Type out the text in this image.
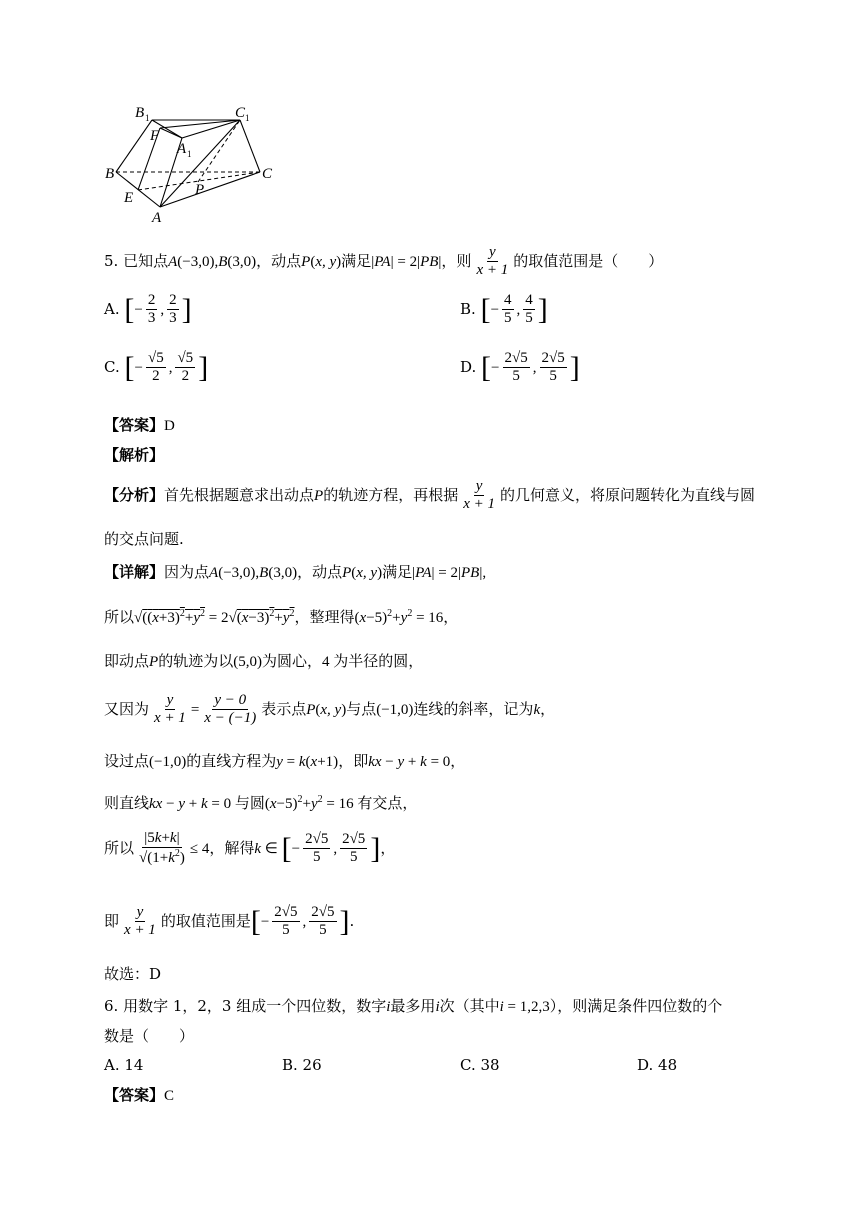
B 1	C 1
F
A 1
B
P
C
E
A
5. 已知点A(−3,0),B(3,0)，动点P(x, y)满足|PA| = 2|PB|，则 $\frac{y}{x + 1}$ 的取值范围是（　　）
A. [− $\frac{2}{3}$ , $\frac{2}{3}$ ]	B. [− $\frac{4}{5}$ , $\frac{4}{5}$ ]
C. [− $\frac{√5}{2}$ , $\frac{√5}{2}$ ]	D. [− $\frac{2√5}{5}$ , $\frac{2√5}{5}$ ]
【答案】D
【解析】
【分析】首先根据题意求出动点P的轨迹方程，再根据 $\frac{y}{x + 1}$ 的几何意义，将原问题转化为直线与圆
的交点问题.
【详解】因为点A(−3,0),B(3,0)，动点P(x, y)满足|PA| = 2|PB|,
所以$√((x+3)^2+y^2 = 2√(x-3)^2+y^2$，整理得$(x-5)^2+y^2 = 16$，
即动点P的轨迹为以(5,0)为圆心，4 为半径的圆，
又因为 $\frac{y}{x + 1} = \frac{y - 0}{x - (-1)}$ 表示点P(x, y)与点(−1,0)连线的斜率，记为k，
设过点(−1,0)的直线方程为y = k(x+1)，即kx − y + k = 0，
则直线kx − y + k = 0 与圆$(x-5)^2+y^2 = 16$ 有交点，
所以 $\frac{|5k+k|}{√(1+k^2)} \le 4$，解得k ∈ [− $\frac{2√5}{5}$ , $\frac{2√5}{5}$ ]，
即 $\frac{y}{x + 1}$ 的取值范围是[− $\frac{2√5}{5}$ , $\frac{2√5}{5}$ ].
故选：D
6. 用数字 1，2，3 组成一个四位数，数字i最多用i次（其中i = 1,2,3），则满足条件四位数的个
数是（　　）
A. 14	B. 26	C. 38	D. 48
【答案】C
